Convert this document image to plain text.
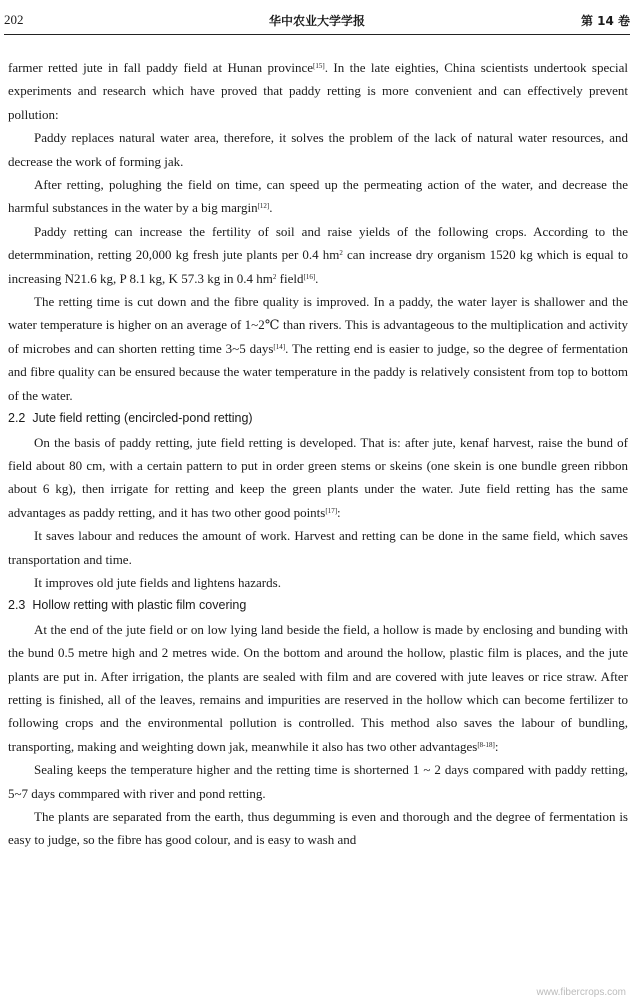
202	华中农业大学学报	第 14 卷

farmer retted jute in fall paddy field at Hunan province[15]. In the late eighties, China scientists undertook special experiments and research which have proved that paddy retting is more convenient and can effectively prevent pollution:

Paddy replaces natural water area, therefore, it solves the problem of the lack of natural water resources, and decrease the work of forming jak.

After retting, polughing the field on time, can speed up the permeating action of the water, and decrease the harmful substances in the water by a big margin[12].

Paddy retting can increase the fertility of soil and raise yields of the following crops. According to the determmination, retting 20,000 kg fresh jute plants per 0.4 $hm^2$ can increase dry organism 1520 kg which is equal to increasing N21.6 kg, P 8.1 kg, K 57.3 kg in 0.4 $hm^2$ field[16].

The retting time is cut down and the fibre quality is improved. In a paddy, the water layer is shallower and the water temperature is higher on an average of 1~2℃ than rivers. This is advantageous to the multiplication and activity of microbes and can shorten retting time 3~5 days[14]. The retting end is easier to judge, so the degree of fermentation and fibre quality can be ensured because the water temperature in the paddy is relatively consistent from top to bottom of the water.

2.2 Jute field retting (encircled-pond retting)

On the basis of paddy retting, jute field retting is developed. That is: after jute, kenaf harvest, raise the bund of field about 80 cm, with a certain pattern to put in order green stems or skeins (one skein is one bundle green ribbon about 6 kg), then irrigate for retting and keep the green plants under the water. Jute field retting has the same advantages as paddy retting, and it has two other good points[17]:

It saves labour and reduces the amount of work. Harvest and retting can be done in the same field, which saves transportation and time.

It improves old jute fields and lightens hazards.

2.3 Hollow retting with plastic film covering

At the end of the jute field or on low lying land beside the field, a hollow is made by enclosing and bunding with the bund 0.5 metre high and 2 metres wide. On the bottom and around the hollow, plastic film is places, and the jute plants are put in. After irrigation, the plants are sealed with film and are covered with jute leaves or rice straw. After retting is finished, all of the leaves, remains and impurities are reserved in the hollow which can become fertilizer to following crops and the environmental pollution is controlled. This method also saves the labour of bundling, transporting, making and weighting down jak, meanwhile it also has two other advantages[8-18]:

Sealing keeps the temperature higher and the retting time is shorterned 1 ~ 2 days compared with paddy retting, 5~7 days commpared with river and pond retting.

The plants are separated from the earth, thus degumming is even and thorough and the degree of fermentation is easy to judge, so the fibre has good colour, and is easy to wash and

www.fibercrops.com
